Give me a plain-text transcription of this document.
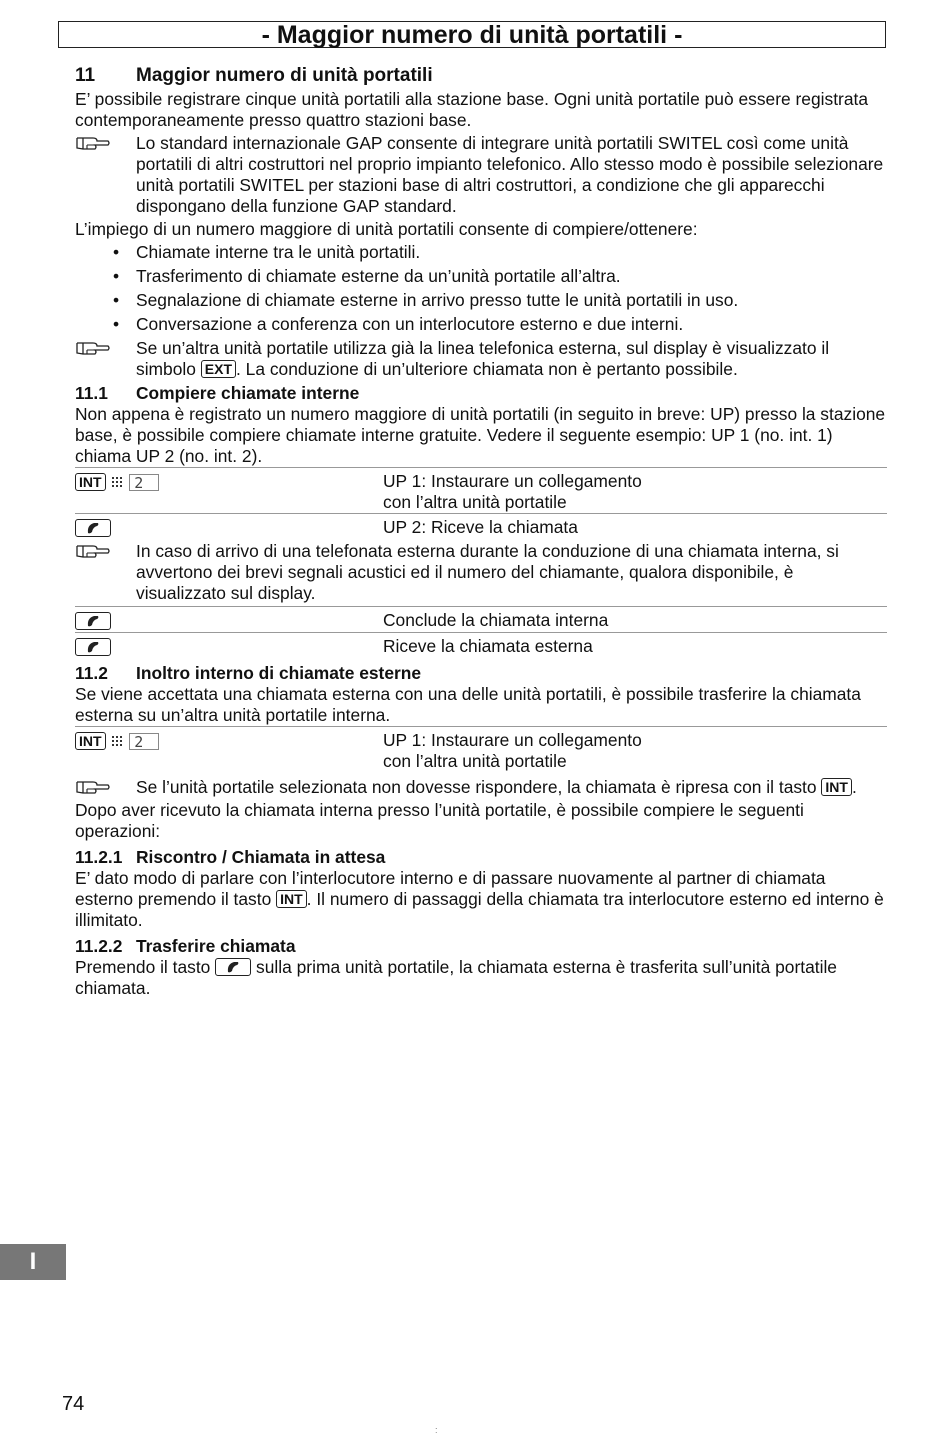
- Maggior numero di unità portatili -
11 Maggior numero di unità portatili

E’ possibile registrare cinque unità portatili alla stazione base. Ogni unità portatile può essere registrata contemporaneamente presso quattro stazioni base.

Lo standard internazionale GAP consente di integrare unità portatili SWITEL così come unità portatili di altri costruttori nel proprio impianto telefonico. Allo stesso modo è possibile selezionare unità portatili SWITEL per stazioni base di altri costruttori, a condizione che gli apparecchi dispongano della funzione GAP standard.

L’impiego di un numero maggiore di unità portatili consente di compiere/ottenere:

• Chiamate interne tra le unità portatili.
• Trasferimento di chiamate esterne da un’unità portatile all’altra.
• Segnalazione di chiamate esterne in arrivo presso tutte le unità portatili in uso.
• Conversazione a conferenza con un interlocutore esterno e due interni.
Se un’altra unità portatile utilizza già la linea telefonica esterna, sul display è visualizzato il simbolo EXT . La conduzione di un’ulteriore chiamata non è pertanto possibile.
11.1 Compiere chiamate interne

Non appena è registrato un numero maggiore di unità portatili (in seguito in breve: UP) presso la stazione base, è possibile compiere chiamate interne gratuite. Vedere il seguente esempio: UP 1 (no. int. 1) chiama UP 2 (no. int. 2).

INT 2	UP 1: Instaurare un collegamento
con l’altra unità portatile
UP 2: Riceve la chiamata
In caso di arrivo di una telefonata esterna durante la conduzione di una chiamata interna, si avvertono dei brevi segnali acustici ed il numero del chiamante, qualora disponibile, è visualizzato sul display.
Conclude la chiamata interna
Riceve la chiamata esterna
11.2 Inoltro interno di chiamate esterne

Se viene accettata una chiamata esterna con una delle unità portatili, è possibile trasferire la chiamata esterna su un’altra unità portatile interna.

INT 2	UP 1: Instaurare un collegamento
con l’altra unità portatile
Se l’unità portatile selezionata non dovesse rispondere, la chiamata è ripresa con il tasto INT .

Dopo aver ricevuto la chiamata interna presso l’unità portatile, è possibile compiere le seguenti operazioni:

11.2.1 Riscontro / Chiamata in attesa

E’ dato modo di parlare con l’interlocutore interno e di passare nuovamente al partner di chiamata esterno premendo il tasto INT . Il numero di passaggi della chiamata tra interlocutore esterno ed interno è illimitato.

11.2.2 Trasferire chiamata

Premendo il tasto	sulla prima unità portatile, la chiamata esterna è trasferita sull’unità portatile chiamata.

I
74
:
